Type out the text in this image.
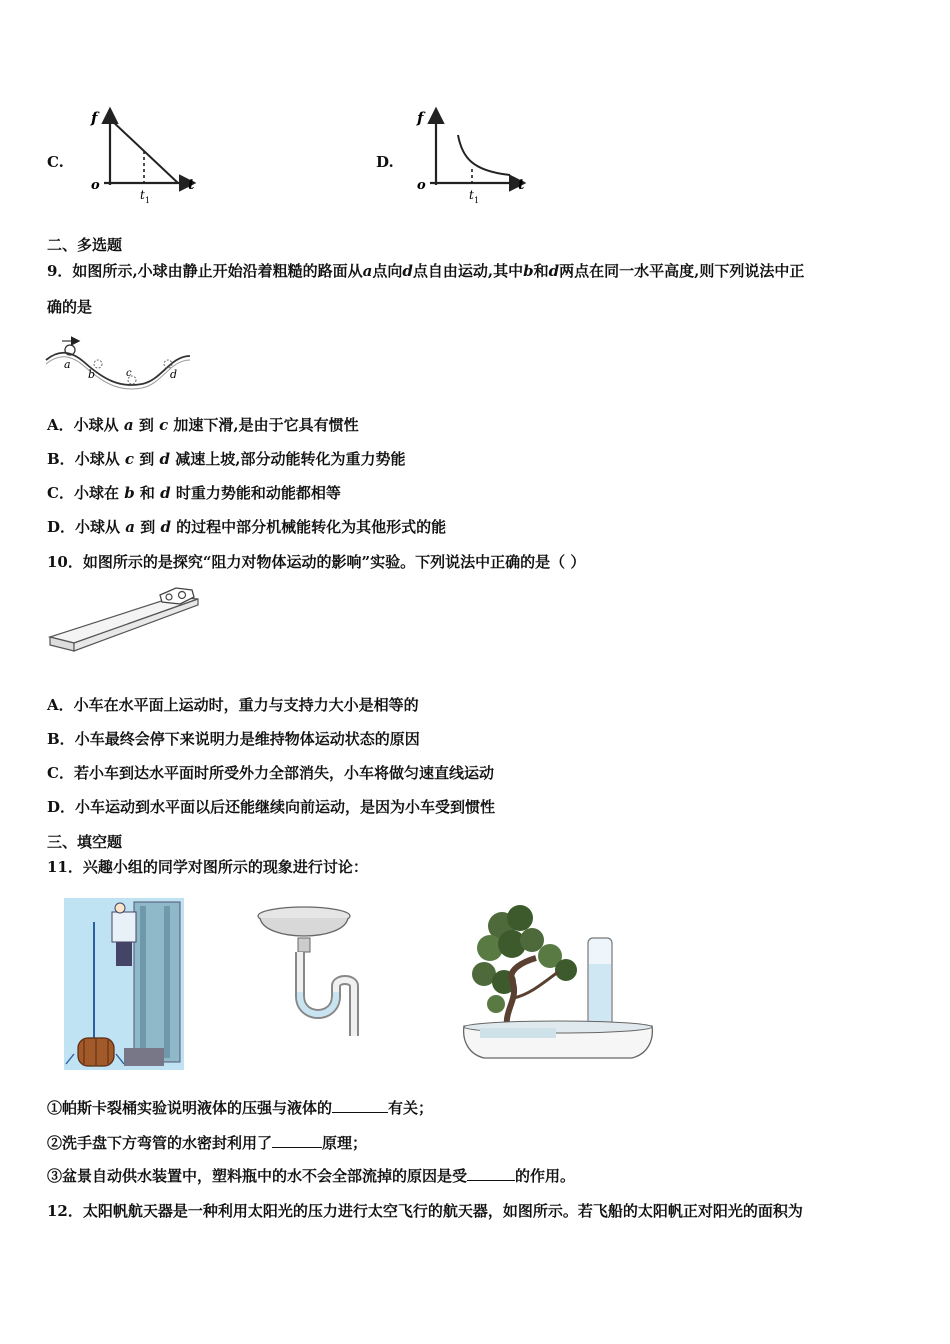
C.
f
o	t
t 1
D.
f
o	t
t 1
二、多选题
9．如图所示,小球由静止开始沿着粗糙的路面从a点向d点自由运动,其中b和d两点在同一水平高度,则下列说法中正
确的是
a
b	c	d
A．小球从 a 到 c 加速下滑,是由于它具有惯性
B．小球从 c 到 d 减速上坡,部分动能转化为重力势能
C．小球在 b 和 d 时重力势能和动能都相等
D．小球从 a 到 d 的过程中部分机械能转化为其他形式的能
10．如图所示的是探究“阻力对物体运动的影响”实验。下列说法中正确的是（ ）
A．小车在水平面上运动时，重力与支持力大小是相等的
B．小车最终会停下来说明力是维持物体运动状态的原因
C．若小车到达水平面时所受外力全部消失，小车将做匀速直线运动
D．小车运动到水平面以后还能继续向前运动，是因为小车受到惯性
三、填空题
11．兴趣小组的同学对图所示的现象进行讨论：
①帕斯卡裂桶实验说明液体的压强与液体的	有关；
②洗手盘下方弯管的水密封利用了	原理；
③盆景自动供水装置中，塑料瓶中的水不会全部流掉的原因是受	的作用。
12．太阳帆航天器是一种利用太阳光的压力进行太空飞行的航天器，如图所示。若飞船的太阳帆正对阳光的面积为
